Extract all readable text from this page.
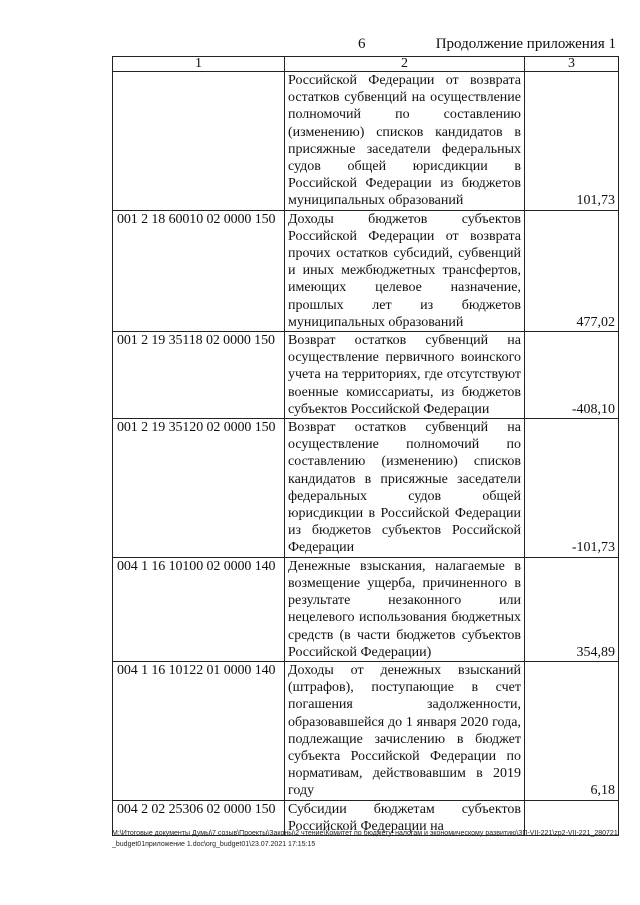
6	Продолжение приложения 1
1	2	3
	Российской Федерации от возврата остатков субвенций на осуществление полномочий по составлению (изменению) списков кандидатов в присяжные заседатели федеральных судов общей юрисдикции в Российской Федерации из бюджетов муниципальных образований	101,73
001 2 18 60010 02 0000 150	Доходы бюджетов субъектов Российской Федерации от возврата прочих остатков субсидий, субвенций и иных межбюджетных трансфертов, имеющих целевое назначение, прошлых лет из бюджетов муниципальных образований	477,02
001 2 19 35118 02 0000 150	Возврат остатков субвенций на осуществление первичного воинского учета на территориях, где отсутствуют военные комиссариаты, из бюджетов субъектов Российской Федерации	-408,10
001 2 19 35120 02 0000 150	Возврат остатков субвенций на осуществление полномочий по составлению (изменению) списков кандидатов в присяжные заседатели федеральных судов общей юрисдикции в Российской Федерации из бюджетов субъектов Российской Федерации	-101,73
004 1 16 10100 02 0000 140	Денежные взыскания, налагаемые в возмещение ущерба, причиненного в результате незаконного или нецелевого использования бюджетных средств (в части бюджетов субъектов Российской Федерации)	354,89
004 1 16 10122 01 0000 140	Доходы от денежных взысканий (штрафов), поступающие в счет погашения задолженности, образовавшейся до 1 января 2020 года, подлежащие зачислению в бюджет субъекта Российской Федерации по нормативам, действовавшим в 2019 году	6,18
004 2 02 25306 02 0000 150	Субсидии бюджетам субъектов Российской Федерации на	
M:\Итоговые документы Думы\7 созыв\Проекты\Законы\2 чтение\Комитет по бюджету, налогам и экономическому развитию\ЗП-VII-221\zp2-VII-221_280721_budget01приложение 1.doc\org_budget01\23.07.2021 17:15:15
